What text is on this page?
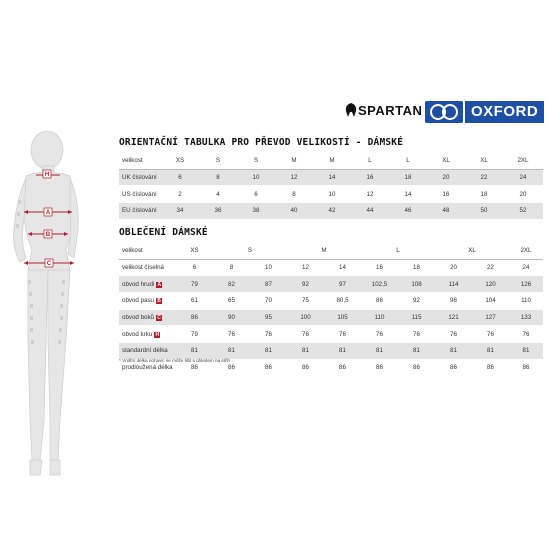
H
A
B
C
SPARTAN	OXFORD
ORIENTAČNÍ TABULKA PRO PŘEVOD VELIKOSTÍ - DÁMSKÉ
velikost	XS	S	S	M	M	L	L	XL	XL	2XL
UK číslování	6	8	10	12	14	16	18	20	22	24
US číslování	2	4	6	8	10	12	14	16	18	20
EU číslování	34	36	38	40	42	44	46	48	50	52
OBLEČENÍ DÁMSKÉ
velikost	XS	S		M		L		XL		2XL
velikost číselná	6	8	10	12	14	16	18	20	22	24
obvod hrudi A	79	82	87	92	97	102,5	108	114	120	126
obvod pasu B	61	65	70	75	80,5	86	92	98	104	110
obvod boků C	86	90	95	100	105	110	115	121	127	133
obvod krku H	79	76	76	76	76	76	76	76	76	76
standardní délka	81	81	81	81	81	81	81	81	81	81
prodloužená délka	86	86	86	86	86	86	86	86	86	86
* Vnitřní délka nohavic se může lišit s ohledem na střih
